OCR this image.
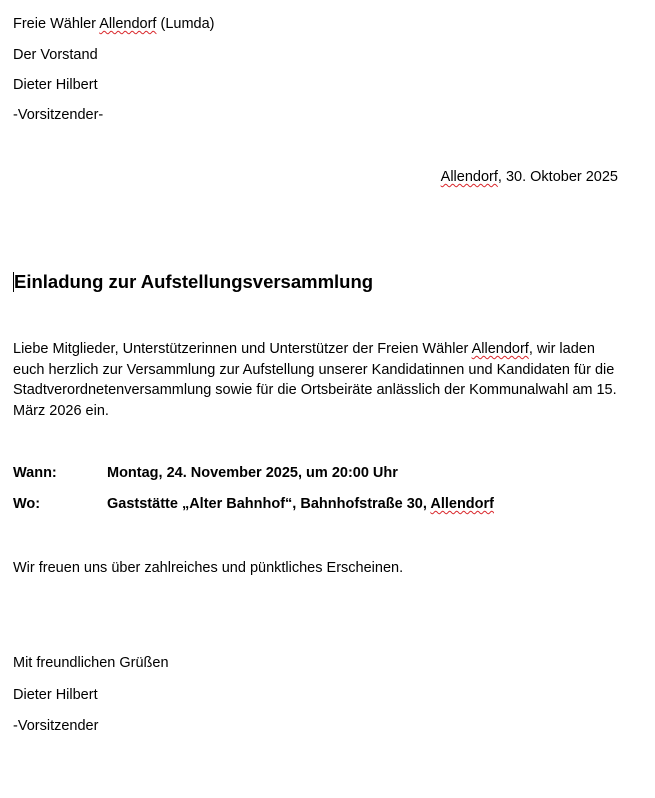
Freie Wähler Allendorf (Lumda)
Der Vorstand
Dieter Hilbert
-Vorsitzender-
Allendorf, 30. Oktober 2025
Einladung zur Aufstellungsversammlung
Liebe Mitglieder, Unterstützerinnen und Unterstützer der Freien Wähler Allendorf, wir laden euch herzlich zur Versammlung zur Aufstellung unserer Kandidatinnen und Kandidaten für die Stadtverordnetenversammlung sowie für die Ortsbeiräte anlässlich der Kommunalwahl am 15. März 2026 ein.
Wann:	Montag, 24. November 2025, um 20:00 Uhr
Wo:	Gaststätte „Alter Bahnhof“, Bahnhofstraße 30, Allendorf
Wir freuen uns über zahlreiches und pünktliches Erscheinen.
Mit freundlichen Grüßen
Dieter Hilbert
-Vorsitzender
